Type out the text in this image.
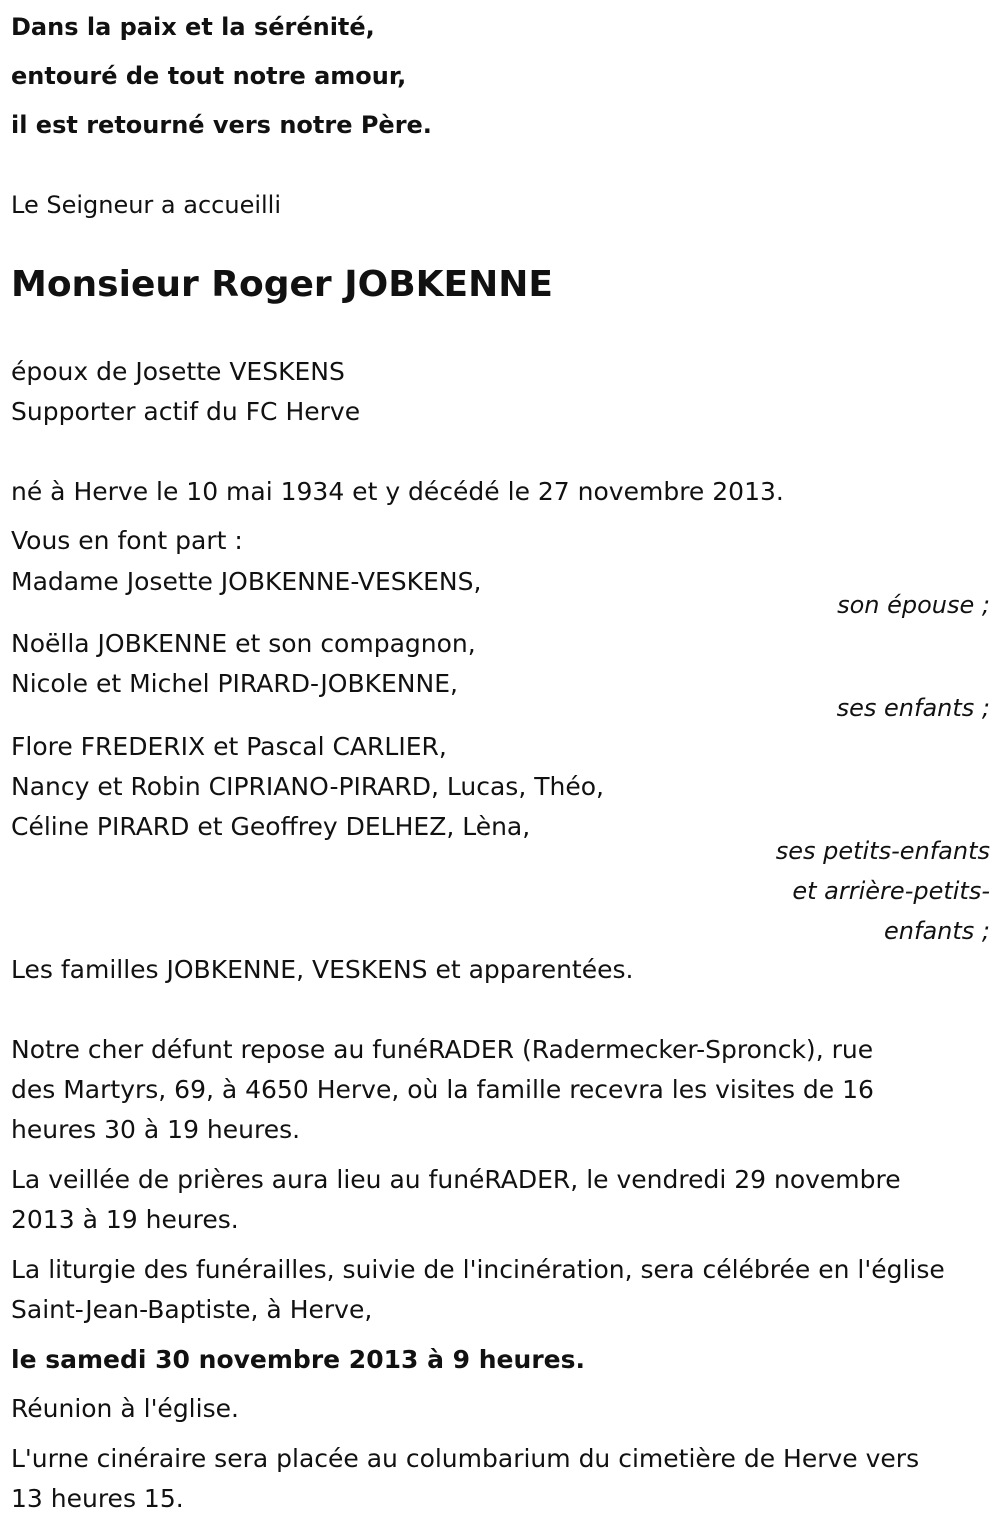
Dans la paix et la sérénité,
entouré de tout notre amour,
il est retourné vers notre Père.
Le Seigneur a accueilli
Monsieur Roger JOBKENNE
époux de Josette VESKENS
Supporter actif du FC Herve
né à Herve le 10 mai 1934 et y décédé le 27 novembre 2013.
Vous en font part :
Madame Josette JOBKENNE-VESKENS,
son épouse ;
Noëlla JOBKENNE et son compagnon,
Nicole et Michel PIRARD-JOBKENNE,
ses enfants ;
Flore FREDERIX et Pascal CARLIER,
Nancy et Robin CIPRIANO-PIRARD, Lucas, Théo,
Céline PIRARD et Geoffrey DELHEZ, Lèna,
ses petits-enfants
et arrière-petits-
enfants ;
Les familles JOBKENNE, VESKENS et apparentées.
Notre cher défunt repose au funéRADER (Radermecker-Spronck), rue
des Martyrs, 69, à 4650 Herve, où la famille recevra les visites de 16
heures 30 à 19 heures.
La veillée de prières aura lieu au funéRADER, le vendredi 29 novembre
2013 à 19 heures.
La liturgie des funérailles, suivie de l'incinération, sera célébrée en l'église
Saint-Jean-Baptiste, à Herve,
le samedi 30 novembre 2013 à 9 heures.
Réunion à l'église.
L'urne cinéraire sera placée au columbarium du cimetière de Herve vers
13 heures 15.
